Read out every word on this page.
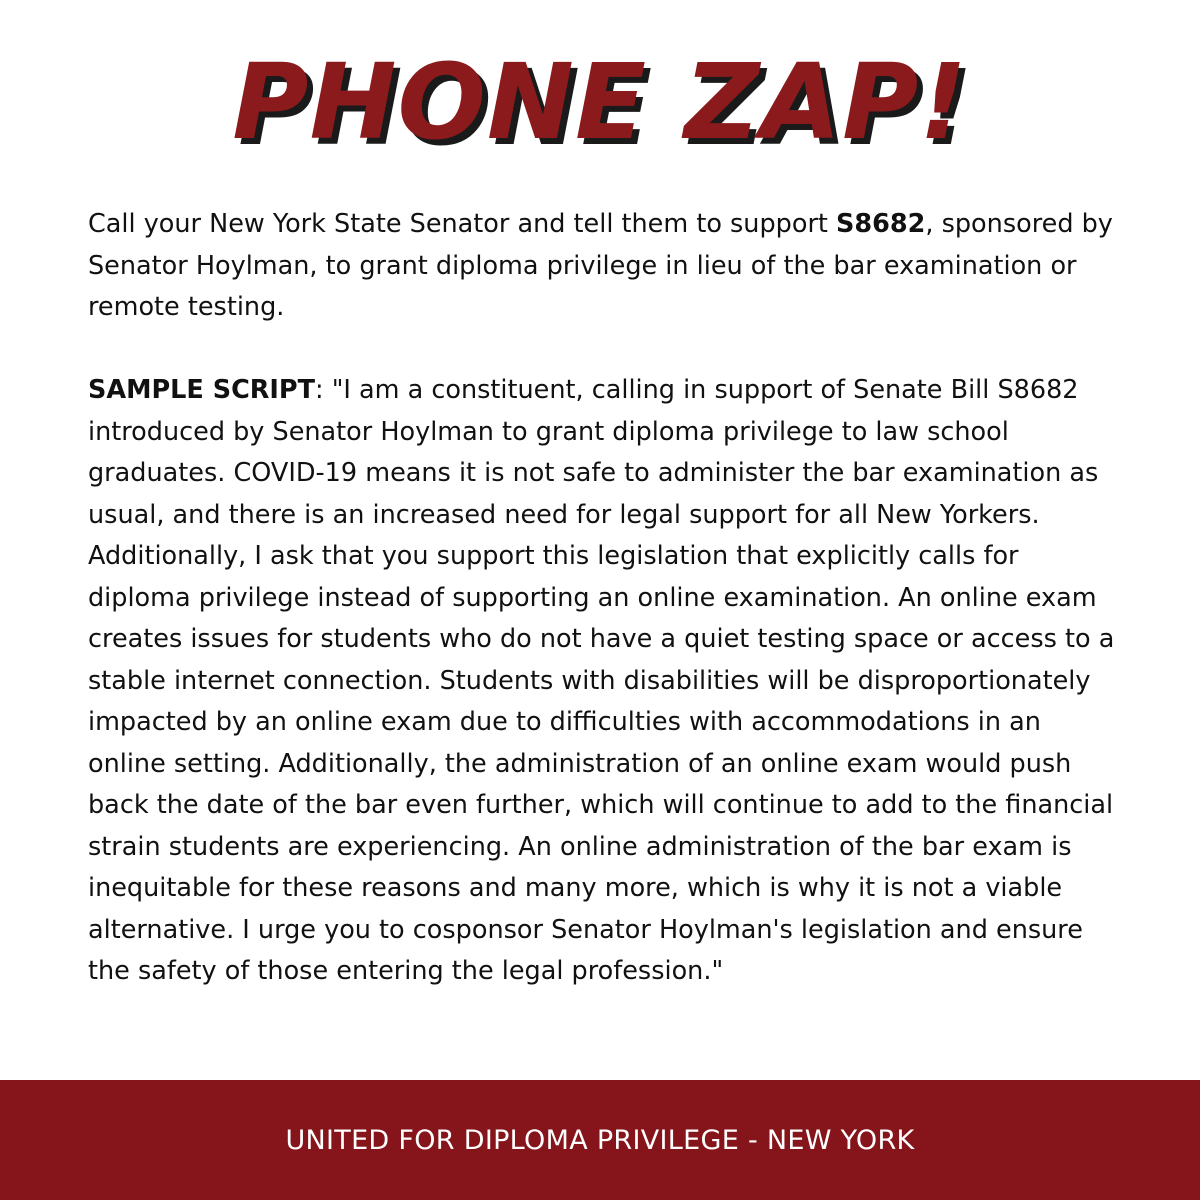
PHONE ZAP!

Call your New York State Senator and tell them to support S8682, sponsored by Senator Hoylman, to grant diploma privilege in lieu of the bar examination or remote testing.

SAMPLE SCRIPT: "I am a constituent, calling in support of Senate Bill S8682 introduced by Senator Hoylman to grant diploma privilege to law school graduates. COVID-19 means it is not safe to administer the bar examination as usual, and there is an increased need for legal support for all New Yorkers. Additionally, I ask that you support this legislation that explicitly calls for diploma privilege instead of supporting an online examination. An online exam creates issues for students who do not have a quiet testing space or access to a stable internet connection. Students with disabilities will be disproportionately impacted by an online exam due to difficulties with accommodations in an online setting. Additionally, the administration of an online exam would push back the date of the bar even further, which will continue to add to the financial strain students are experiencing. An online administration of the bar exam is inequitable for these reasons and many more, which is why it is not a viable alternative. I urge you to cosponsor Senator Hoylman's legislation and ensure the safety of those entering the legal profession."

UNITED FOR DIPLOMA PRIVILEGE - NEW YORK
